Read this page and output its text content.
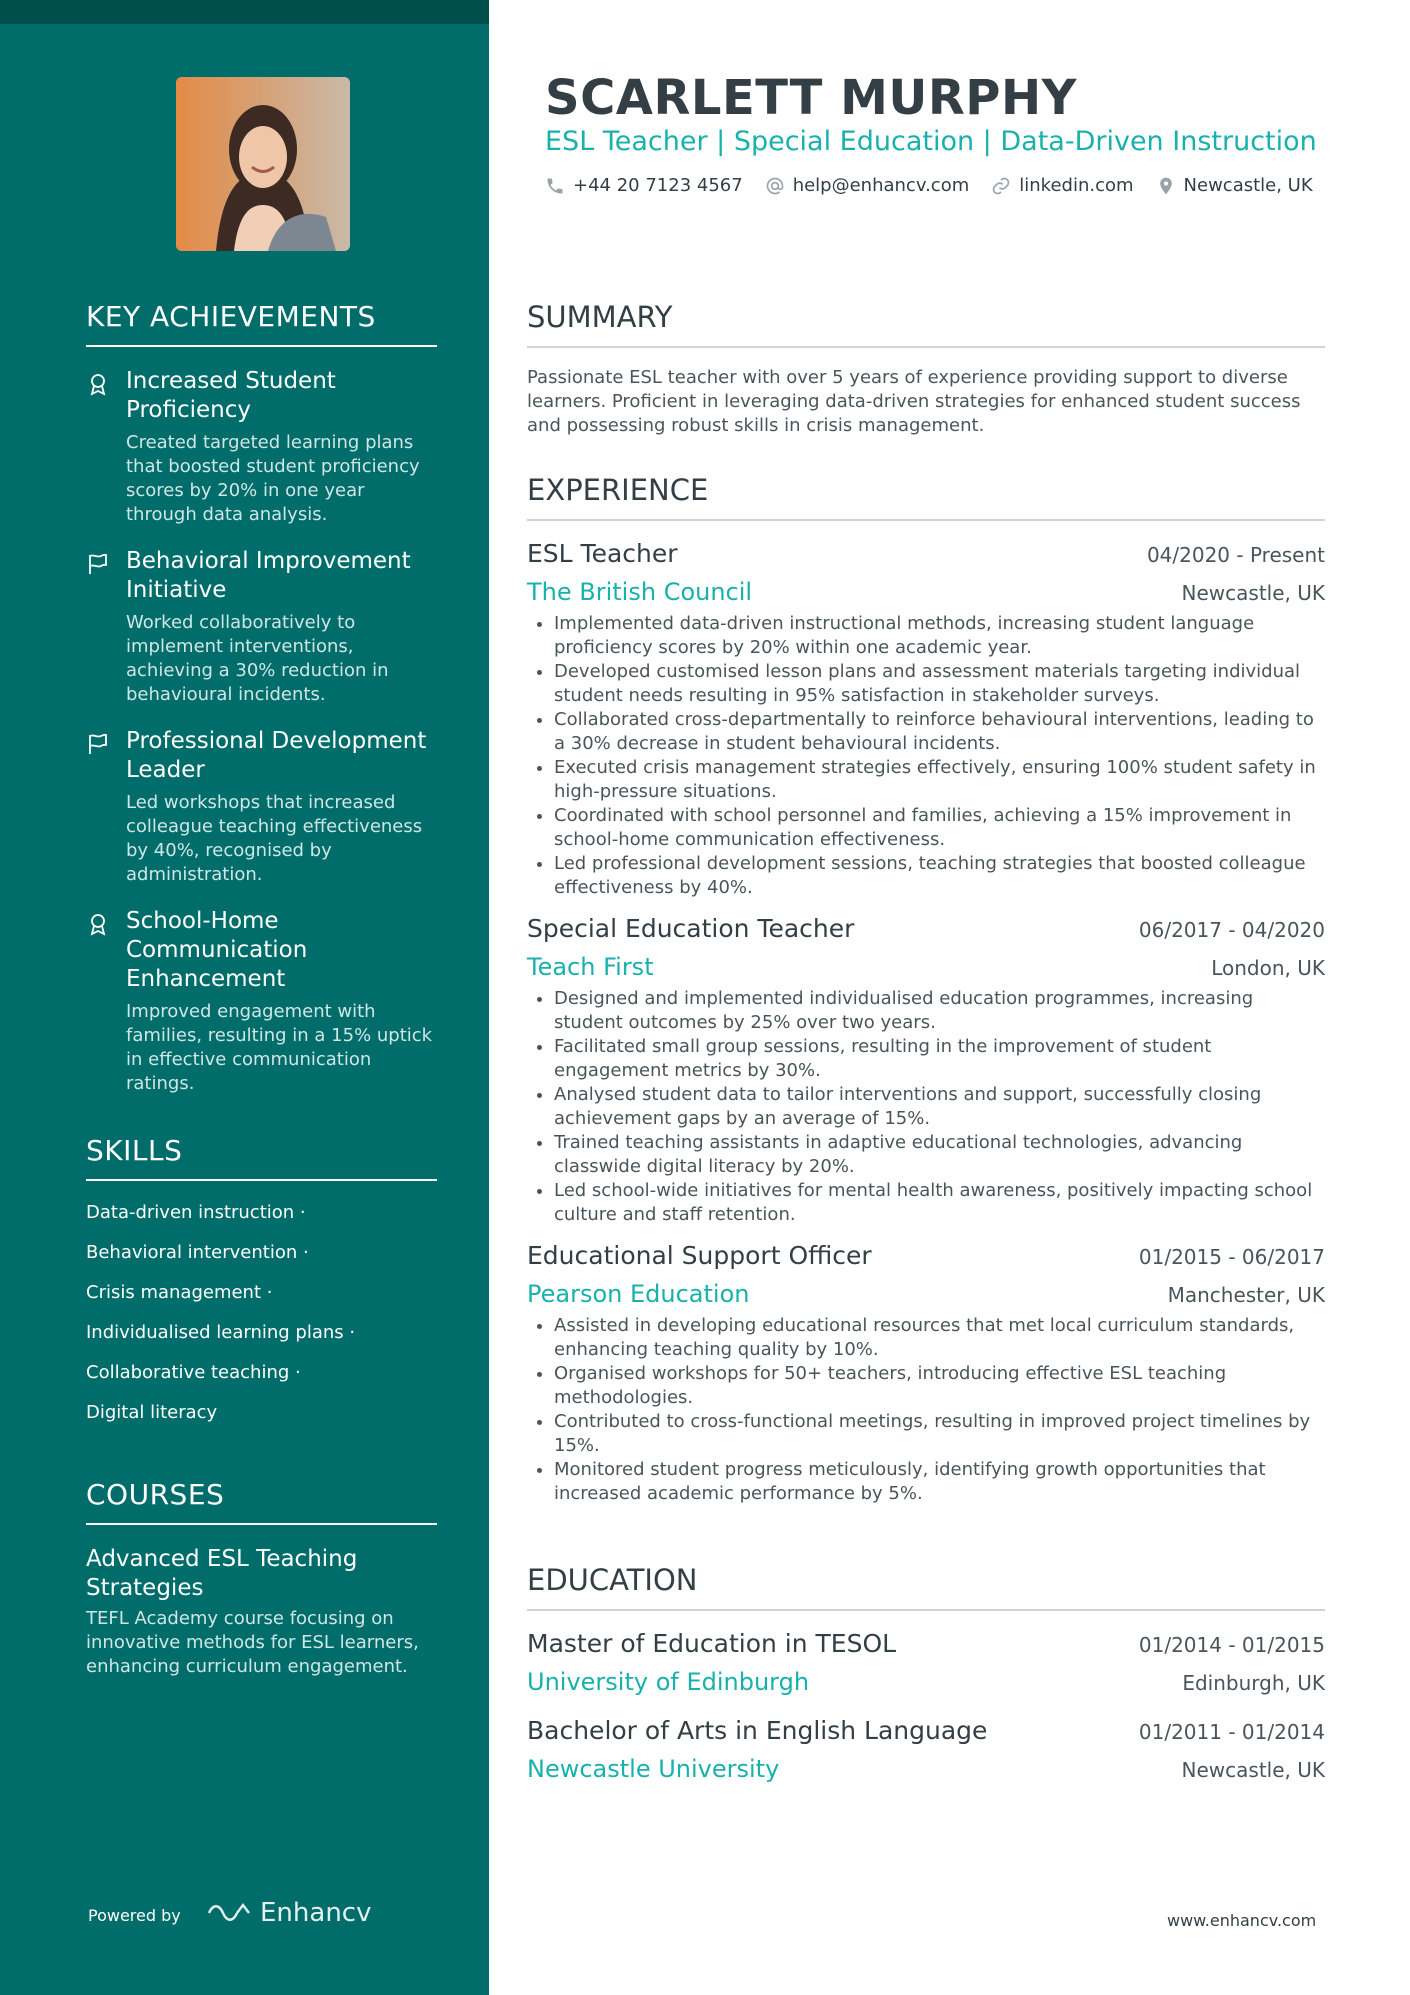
KEY ACHIEVEMENTS
Increased Student Proficiency
Created targeted learning plans that boosted student proficiency scores by 20% in one year through data analysis.
Behavioral Improvement Initiative
Worked collaboratively to implement interventions, achieving a 30% reduction in behavioural incidents.
Professional Development Leader
Led workshops that increased colleague teaching effectiveness by 40%, recognised by administration.
School-Home Communication Enhancement
Improved engagement with families, resulting in a 15% uptick in effective communication ratings.
SKILLS
Data-driven instruction ·
Behavioral intervention ·
Crisis management ·
Individualised learning plans ·
Collaborative teaching ·
Digital literacy
COURSES
Advanced ESL Teaching Strategies
TEFL Academy course focusing on innovative methods for ESL learners, enhancing curriculum engagement.
Powered by	Enhancv
SCARLETT MURPHY
ESL Teacher | Special Education | Data-Driven Instruction
+44 20 7123 4567	help@enhancv.com	linkedin.com	Newcastle, UK
SUMMARY
Passionate ESL teacher with over 5 years of experience providing support to diverse learners. Proficient in leveraging data-driven strategies for enhanced student success and possessing robust skills in crisis management.
EXPERIENCE
ESL Teacher	04/2020 - Present
The British Council	Newcastle, UK
• Implemented data-driven instructional methods, increasing student language proficiency scores by 20% within one academic year.
• Developed customised lesson plans and assessment materials targeting individual student needs resulting in 95% satisfaction in stakeholder surveys.
• Collaborated cross-departmentally to reinforce behavioural interventions, leading to a 30% decrease in student behavioural incidents.
• Executed crisis management strategies effectively, ensuring 100% student safety in high-pressure situations.
• Coordinated with school personnel and families, achieving a 15% improvement in school-home communication effectiveness.
• Led professional development sessions, teaching strategies that boosted colleague effectiveness by 40%.
Special Education Teacher	06/2017 - 04/2020
Teach First	London, UK
• Designed and implemented individualised education programmes, increasing student outcomes by 25% over two years.
• Facilitated small group sessions, resulting in the improvement of student engagement metrics by 30%.
• Analysed student data to tailor interventions and support, successfully closing achievement gaps by an average of 15%.
• Trained teaching assistants in adaptive educational technologies, advancing classwide digital literacy by 20%.
• Led school-wide initiatives for mental health awareness, positively impacting school culture and staff retention.
Educational Support Officer	01/2015 - 06/2017
Pearson Education	Manchester, UK
• Assisted in developing educational resources that met local curriculum standards, enhancing teaching quality by 10%.
• Organised workshops for 50+ teachers, introducing effective ESL teaching methodologies.
• Contributed to cross-functional meetings, resulting in improved project timelines by 15%.
• Monitored student progress meticulously, identifying growth opportunities that increased academic performance by 5%.
EDUCATION
Master of Education in TESOL	01/2014 - 01/2015
University of Edinburgh	Edinburgh, UK
Bachelor of Arts in English Language	01/2011 - 01/2014
Newcastle University	Newcastle, UK
www.enhancv.com
